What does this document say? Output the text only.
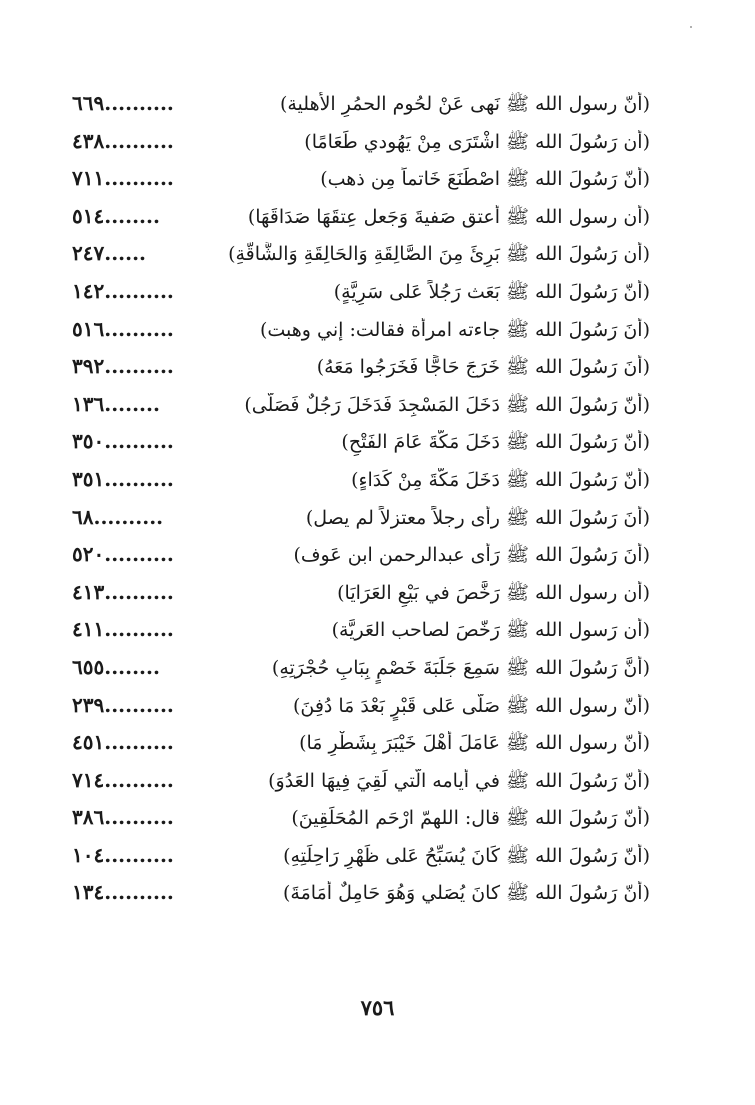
(أنّ رسول الله ﷺ نَهى عَنْ لحُوم الحمُرِ الأهلية)
٦٦٩..........
(أن رَسُولَ الله ﷺ اشْتَرَى مِنْ يَهُودي طَعَامًا)
٤٣٨..........
(أنّ رَسُولَ الله ﷺ اصْطَنَعَ خَاتماً مِن ذهب)
٧١١..........
(أن رسول الله ﷺ أعتق صَفيةَ وَجَعل عِتقَهَا صَدَاقَهَا)
٥١٤........
(أن رَسُولَ الله ﷺ بَرِئَ مِنَ الصَّالِقَةِ وَالحَالِقَةِ وَالشَّاقَّةِ)
٢٤٧......
(أنّ رَسُولَ الله ﷺ بَعَث رَجُلاً عَلى سَرِيَّةٍ)
١٤٢..........
(أنَ رَسُولَ الله ﷺ جاءته امرأة فقالت: إني وهبت)
٥١٦..........
(أنَ رَسُولَ الله ﷺ خَرَجَ حَاجًّا فَخَرَجُوا مَعَهُ)
٣٩٢..........
(أنّ رَسُولَ الله ﷺ دَخَلَ المَسْجِدَ فَدَخَلَ رَجُلٌ فَصَلَّى)
١٣٦........
(أنّ رَسُولَ الله ﷺ دَخَلَ مَكَّةَ عَامَ الفَتْحِ)
٣٥٠..........
(أنّ رَسُولَ الله ﷺ دَخَلَ مَكَّةَ مِنْ كَدَاءٍ)
٣٥١..........
(أنَ رَسُولَ الله ﷺ رأى رجلاً معتزلاً لم يصل)
٦٨..........
(أنَ رَسُولَ الله ﷺ رَأى عبدالرحمن ابن عَوف)
٥٢٠..........
(أن رسول الله ﷺ رَخَّصَ في بَيْعِ العَرَايَا)
٤١٣..........
(أن رَسول الله ﷺ رَخّصَ لصاحب العَريَّة)
٤١١..........
(أنَّ رَسُولَ الله ﷺ سَمِعَ جَلَبَةَ خَصْمٍ بِبَابِ حُجْرَتِهِ)
٦٥٥........
(أنّ رسول الله ﷺ صَلّى عَلى قَبْرٍ بَعْدَ مَا دُفِنَ)
٢٣٩..........
(أنّ رسول الله ﷺ عَامَلَ أهْلَ خَيْبَرَ بِشَطْرِ مَا)
٤٥١..........
(أنّ رَسُولَ الله ﷺ في أيامه الّتي لَقِيَ فِيهَا العَدُوَ)
٧١٤..........
(أنّ رَسُولَ الله ﷺ قال: اللهمّ ارْحَم المُحَلِّقِينَ)
٣٨٦..........
(أنّ رَسُولَ الله ﷺ كَانَ يُسَبِّحُ عَلى ظَهْرِ رَاحِلَتِهِ)
١٠٤..........
(أنّ رَسُولَ الله ﷺ كانَ يُصَلي وَهُوَ حَامِلٌ أُمَامَةَ)
١٣٤..........
٧٥٦
